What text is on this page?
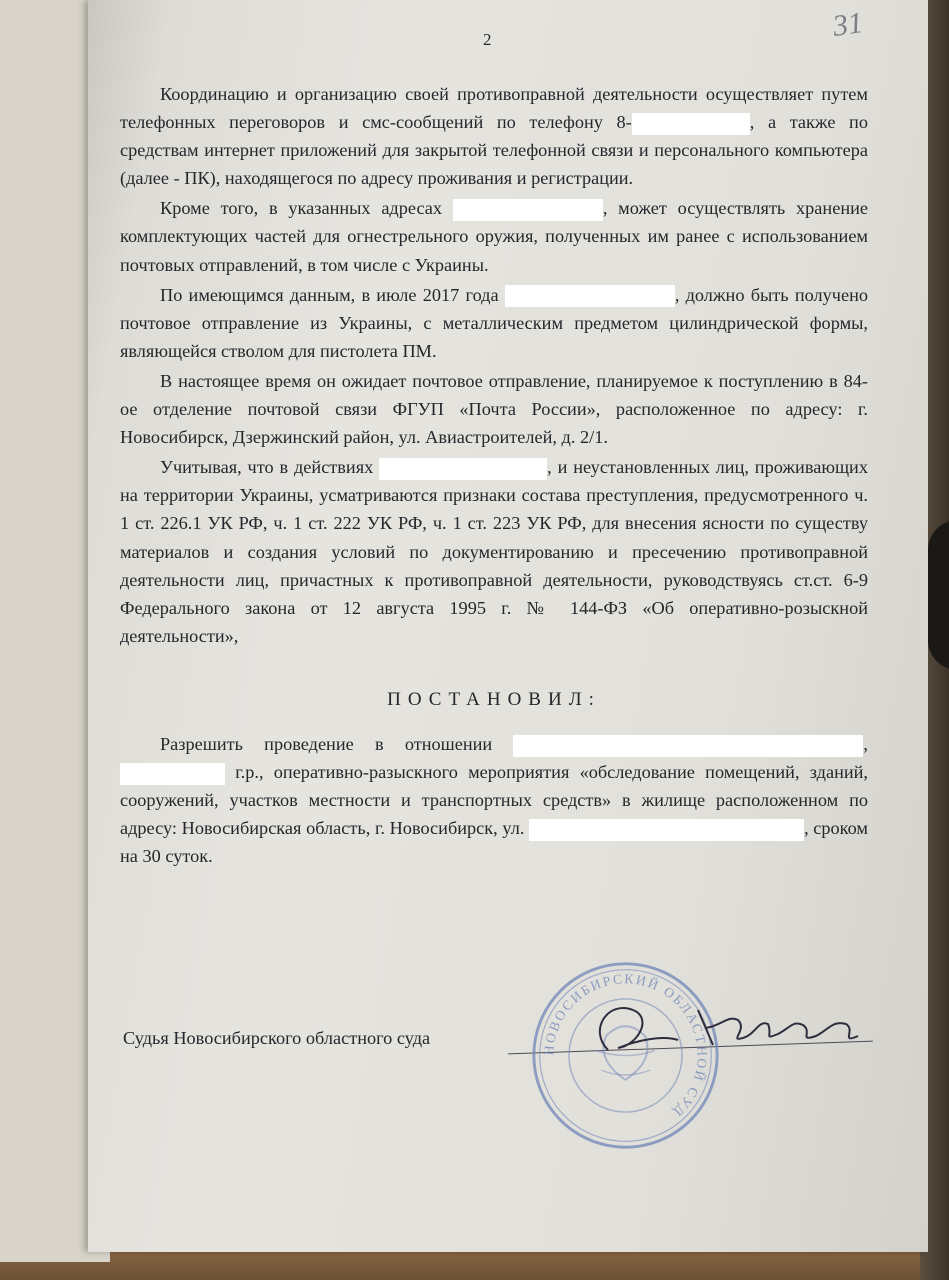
2	31

Координацию и организацию своей противоправной деятельности осуществляет путем телефонных переговоров и смс-сообщений по телефону 8-	, а также по средствам интернет приложений для закрытой телефонной связи и персонального компьютера (далее - ПК), находящегося по адресу проживания и регистрации.

Кроме того, в указанных адресах	, может осуществлять хранение комплектующих частей для огнестрельного оружия, полученных им ранее с использованием почтовых отправлений, в том числе с Украины.

По имеющимся данным, в июле 2017 года	, должно быть получено почтовое отправление из Украины, с металлическим предметом цилиндрической формы, являющейся стволом для пистолета ПМ.

В настоящее время он ожидает почтовое отправление, планируемое к поступлению в 84-ое отделение почтовой связи ФГУП «Почта России», расположенное по адресу: г. Новосибирск, Дзержинский район, ул. Авиастроителей, д. 2/1.

Учитывая, что в действиях	, и неустановленных лиц, проживающих на территории Украины, усматриваются признаки состава преступления, предусмотренного ч. 1 ст. 226.1 УК РФ, ч. 1 ст. 222 УК РФ, ч. 1 ст. 223 УК РФ, для внесения ясности по существу материалов и создания условий по документированию и пресечению противоправной деятельности лиц, причастных к противоправной деятельности, руководствуясь ст.ст. 6-9 Федерального закона от 12 августа 1995 г. № 144-ФЗ «Об оперативно-розыскной деятельности»,

ПОСТАНОВИЛ:

Разрешить проведение в отношении	,  г.р., оперативно-разыскного мероприятия «обследование помещений, зданий, сооружений, участков местности и транспортных средств» в жилище расположенном по адресу: Новосибирская область, г. Новосибирск, ул.	, сроком на 30 суток.

Судья Новосибирского областного суда
НОВОСИБИРСКИЙ ОБЛАСТНОЙ СУД
